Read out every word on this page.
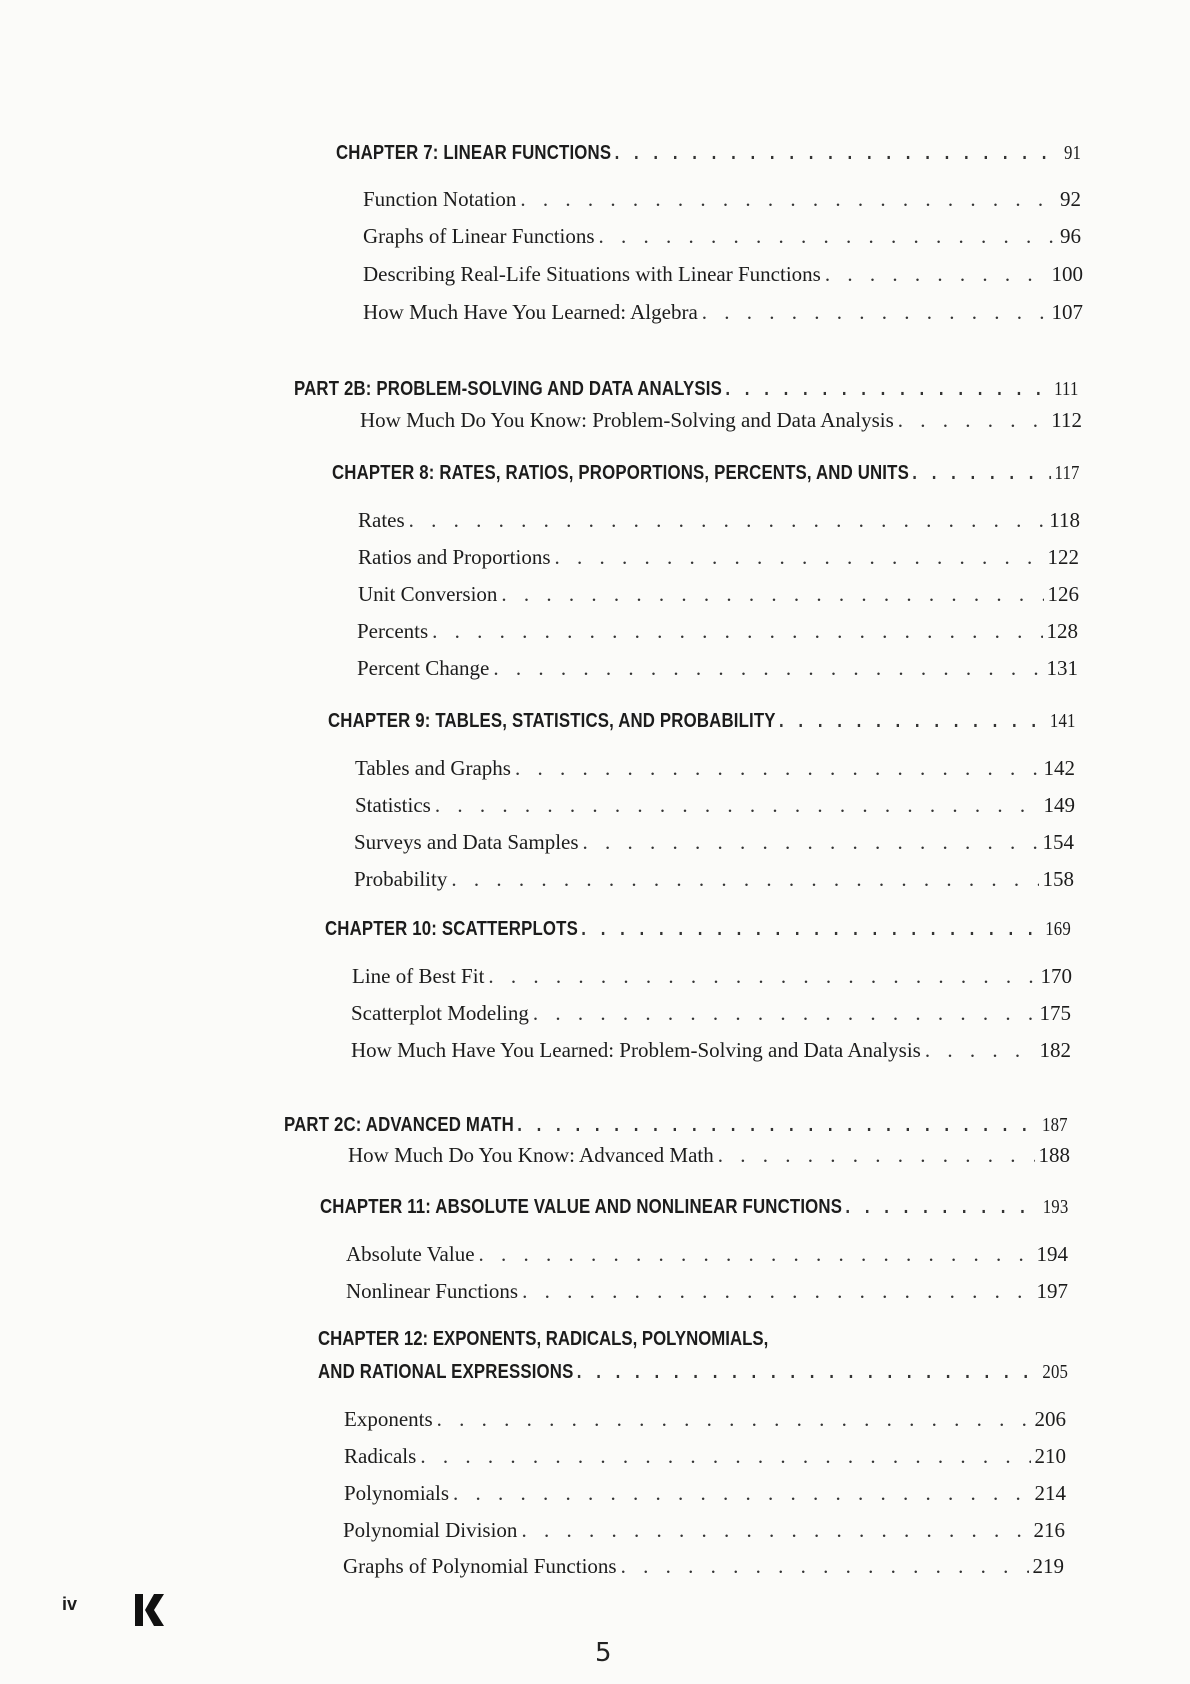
CHAPTER 7: LINEAR FUNCTIONS . . .	91
Function Notation . . .	92
Graphs of Linear Functions . . .	96
Describing Real-Life Situations with Linear Functions . . .	100
How Much Have You Learned: Algebra . . .	107
PART 2B: PROBLEM-SOLVING AND DATA ANALYSIS . . .	111
How Much Do You Know: Problem-Solving and Data Analysis . . .	112
CHAPTER 8: RATES, RATIOS, PROPORTIONS, PERCENTS, AND UNITS . . .	117
Rates . . .	118
Ratios and Proportions . . .	122
Unit Conversion . . .	126
Percents . . .	128
Percent Change . . .	131
CHAPTER 9: TABLES, STATISTICS, AND PROBABILITY . . .	141
Tables and Graphs . . .	142
Statistics . . .	149
Surveys and Data Samples . . .	154
Probability . . .	158
CHAPTER 10: SCATTERPLOTS . . .	169
Line of Best Fit . . .	170
Scatterplot Modeling . . .	175
How Much Have You Learned: Problem-Solving and Data Analysis . . .	182
PART 2C: ADVANCED MATH . . .	187
How Much Do You Know: Advanced Math . . .	188
CHAPTER 11: ABSOLUTE VALUE AND NONLINEAR FUNCTIONS . . .	193
Absolute Value . . .	194
Nonlinear Functions . . .	197
CHAPTER 12: EXPONENTS, RADICALS, POLYNOMIALS,
AND RATIONAL EXPRESSIONS . . .	205
Exponents . . .	206
Radicals . . .	210
Polynomials . . .	214
Polynomial Division . . .	216
Graphs of Polynomial Functions . . .	219
iv
5
